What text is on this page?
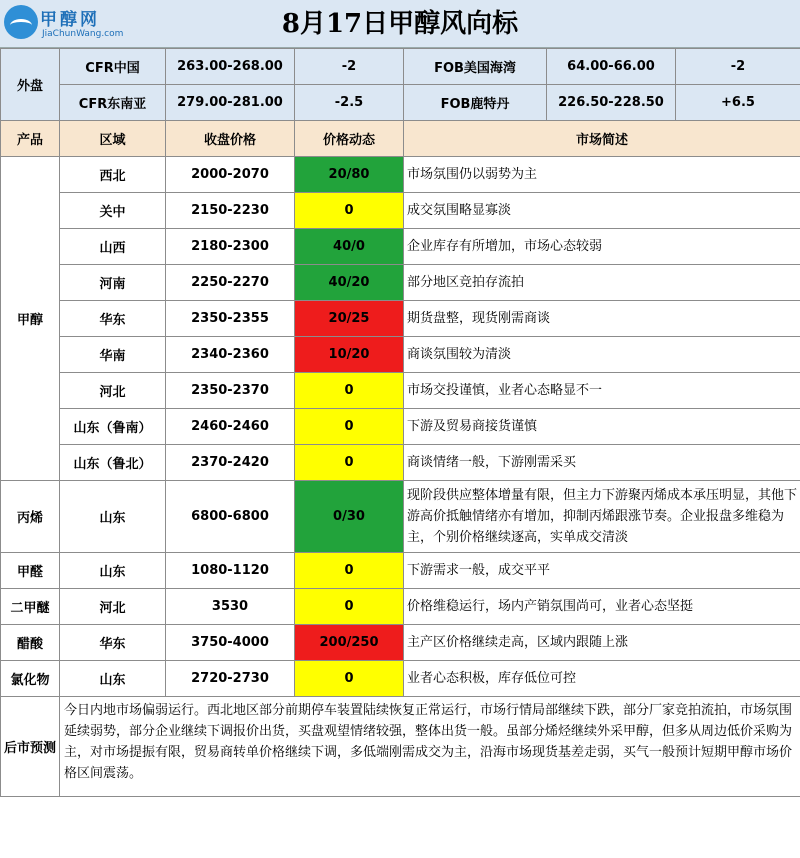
甲醇网
JiaChunWang.com	8月17日甲醇风向标
外盘	CFR中国	263.00-268.00	-2	FOB美国海湾	64.00-66.00	-2
	CFR东南亚	279.00-281.00	-2.5	FOB鹿特丹	226.50-228.50	+6.5
产品	区域	收盘价格	价格动态	市场简述		
甲醇	西北	2000-2070	20/80	市场氛围仍以弱势为主		
	关中	2150-2230	0	成交氛围略显寡淡		
	山西	2180-2300	40/0	企业库存有所增加，市场心态较弱		
	河南	2250-2270	40/20	部分地区竞拍存流拍		
	华东	2350-2355	20/25	期货盘整，现货刚需商谈		
	华南	2340-2360	10/20	商谈氛围较为清淡		
	河北	2350-2370	0	市场交投谨慎，业者心态略显不一		
	山东（鲁南）	2460-2460	0	下游及贸易商接货谨慎		
	山东（鲁北）	2370-2420	0	商谈情绪一般，下游刚需采买		
丙烯	山东	6800-6800	0/30	现阶段供应整体增量有限，但主力下游聚丙烯成本承压明显，其他下游高价抵触情绪亦有增加，抑制丙烯跟涨节奏。企业报盘多维稳为主，个别价格继续逐高，实单成交清淡		
甲醛	山东	1080-1120	0	下游需求一般，成交平平		
二甲醚	河北	3530	0	价格维稳运行，场内产销氛围尚可，业者心态坚挺		
醋酸	华东	3750-4000	200/250	主产区价格继续走高，区域内跟随上涨		
氯化物	山东	2720-2730	0	业者心态积极，库存低位可控		
后市预测	今日内地市场偏弱运行。西北地区部分前期停车装置陆续恢复正常运行，市场行情局部继续下跌，部分厂家竞拍流拍，市场氛围延续弱势，部分企业继续下调报价出货，买盘观望情绪较强，整体出货一般。虽部分烯烃继续外采甲醇，但多从周边低价采购为主，对市场提振有限，贸易商转单价格继续下调，多低端刚需成交为主，沿海市场现货基差走弱，买气一般预计短期甲醇市场价格区间震荡。					
